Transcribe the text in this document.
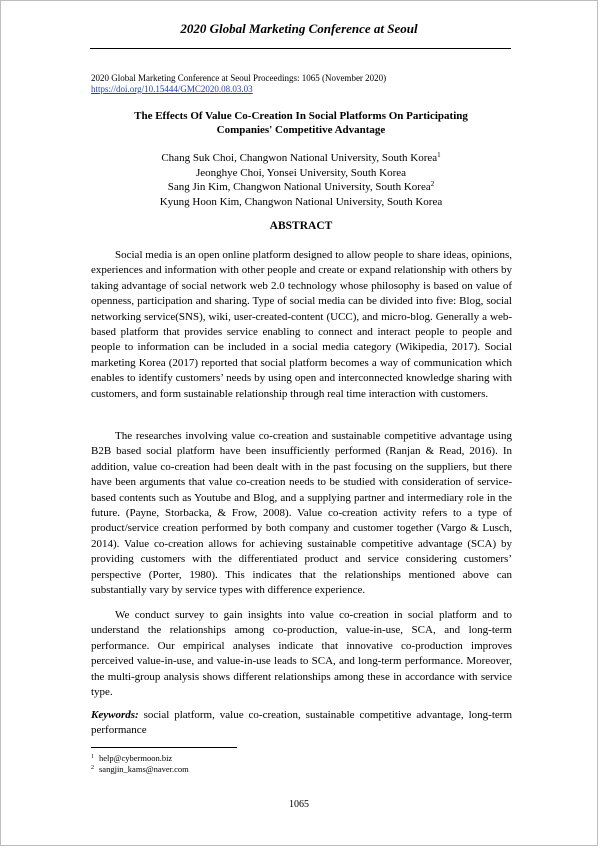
2020 Global Marketing Conference at Seoul
2020 Global Marketing Conference at Seoul Proceedings: 1065 (November 2020)
https://doi.org/10.15444/GMC2020.08.03.03
The Effects Of Value Co-Creation In Social Platforms On Participating
Companies' Competitive Advantage
Chang Suk Choi, Changwon National University, South Korea$^1$
Jeonghye Choi, Yonsei University, South Korea
Sang Jin Kim, Changwon National University, South Korea$^2$
Kyung Hoon Kim, Changwon National University, South Korea
ABSTRACT

Social media is an open online platform designed to allow people to share ideas, opinions, experiences and information with other people and create or expand relationship with others by taking advantage of social network web 2.0 technology whose philosophy is based on value of openness, participation and sharing. Type of social media can be divided into five: Blog, social networking service(SNS), wiki, user-created-content (UCC), and micro-blog. Generally a web-based platform that provides service enabling to connect and interact people to people and people to information can be included in a social media category (Wikipedia, 2017). Social marketing Korea (2017) reported that social platform becomes a way of communication which enables to identify customers’ needs by using open and interconnected knowledge sharing with customers, and form sustainable relationship through real time interaction with customers.

The researches involving value co-creation and sustainable competitive advantage using B2B based social platform have been insufficiently performed (Ranjan & Read, 2016). In addition, value co-creation had been dealt with in the past focusing on the suppliers, but there have been arguments that value co-creation needs to be studied with consideration of service-based contents such as Youtube and Blog, and a supplying partner and intermediary role in the future. (Payne, Storbacka, & Frow, 2008). Value co-creation activity refers to a type of product/service creation performed by both company and customer together (Vargo & Lusch, 2014). Value co-creation allows for achieving sustainable competitive advantage (SCA) by providing customers with the differentiated product and service considering customers’ perspective (Porter, 1980). This indicates that the relationships mentioned above can substantially vary by service types with difference experience.

We conduct survey to gain insights into value co-creation in social platform and to understand the relationships among co-production, value-in-use, SCA, and long-term performance. Our empirical analyses indicate that innovative co-production improves perceived value-in-use, and value-in-use leads to SCA, and long-term performance. Moreover, the multi-group analysis shows different relationships among these in accordance with service type.

Keywords: social platform, value co-creation, sustainable competitive advantage, long-term performance

$^1$ help@cybermoon.biz
$^2$ sangjin_kams@naver.com
1065
